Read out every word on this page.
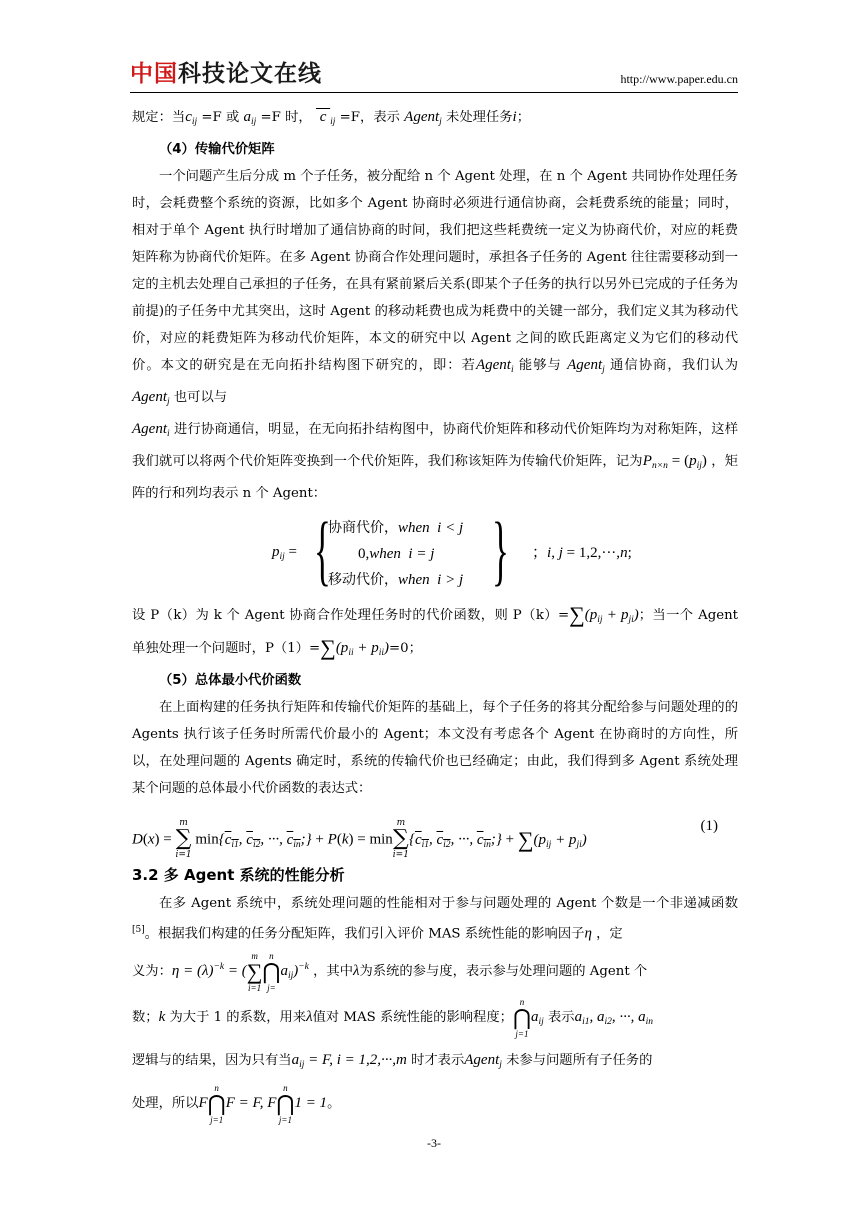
中国科技论文在线	http://www.paper.edu.cn

规定：当$c_{ij} =F$ 或 $a_{ij} =F$ 时，  c $_{ij}$ =F，表示 Agent$_j$ 未处理任务i；

（4）传输代价矩阵

一个问题产生后分成 m 个子任务，被分配给 n 个 Agent 处理，在 n 个 Agent 共同协作处理任务时，会耗费整个系统的资源，比如多个 Agent 协商时必须进行通信协商，会耗费系统的能量；同时，相对于单个 Agent 执行时增加了通信协商的时间，我们把这些耗费统一定义为协商代价，对应的耗费矩阵称为协商代价矩阵。在多 Agent 协商合作处理问题时，承担各子任务的 Agent 往往需要移动到一定的主机去处理自己承担的子任务，在具有紧前紧后关系(即某个子任务的执行以另外已完成的子任务为前提)的子任务中尤其突出，这时 Agent 的移动耗费也成为耗费中的关键一部分，我们定义其为移动代价，对应的耗费矩阵为移动代价矩阵，本文的研究中以 Agent 之间的欧氏距离定义为它们的移动代价。本文的研究是在无向拓扑结构图下研究的，即：若Agent$_i$ 能够与 Agent$_j$ 通信协商，我们认为 Agent$_j$ 也可以与

Agent$_i$ 进行协商通信，明显，在无向拓扑结构图中，协商代价矩阵和移动代价矩阵均为对称矩阵，这样我们就可以将两个代价矩阵变换到一个代价矩阵，我们称该矩阵为传输代价矩阵，记为$P_{n\times n} = (p_{ij})$ ，矩阵的行和列均表示 n 个 Agent：

$p_{ij}$ = {
协商代价，when  i < j
0,when  i = j
移动代价，when  i > j } ；i, j = 1,2,···,n;

设 P（k）为 k 个 Agent 协商合作处理任务时的代价函数，则 $P(k)=\sum(p_{ij} + p_{ji})$；当一个 Agent 单独处理一个问题时，$P(1)=\sum(p_{ii} + p_{ii})=0$；

（5）总体最小代价函数

在上面构建的任务执行矩阵和传输代价矩阵的基础上，每个子任务的将其分配给参与问题处理的的 Agents 执行该子任务时所需代价最小的 Agent；本文没有考虑各个 Agent 在协商时的方向性，所以，在处理问题的 Agents 确定时，系统的传输代价也已经确定；由此，我们得到多 Agent 系统处理某个问题的总体最小代价函数的表达式：

D(x) =
m
∑
i=1
$\min\{c_{i1}$, $c_{i2}$, ···, $c_{in};\} + P(k) = \min$
m
∑
i=1
{$c_{i1}$, $c_{i2}$, ···, $c_{in};\} + \sum(p_{ij} + p_{ji})$
(1)

3.2 多 Agent 系统的性能分析

在多 Agent 系统中，系统处理问题的性能相对于参与问题处理的 Agent 个数是一个非递减函数[5]。根据我们构建的任务分配矩阵，我们引入评价 MAS 系统性能的影响因子η ，定

义为：$\eta = (\lambda)^{-k}$ = (
m
∑
i=1
n
⋂
j=
$a_{ij})^{-k}$ ，其中λ为系统的参与度，表示参与处理问题的 Agent 个

数；k 为大于 1 的系数，用来λ值对 MAS 系统性能的影响程度；
n
⋂
j=1
$a_{ij}$ 表示$a_{i1}$, $a_{i2}$, ···, $a_{in}$

逻辑与的结果，因为只有当$a_{ij} = F$, i = 1,2,···,m 时才表示Agent$_j$ 未参与问题所有子任务的

处理，所以F
n
⋂
j=1
F = F, F
n
⋂
j=1
1 = 1。

-3-
